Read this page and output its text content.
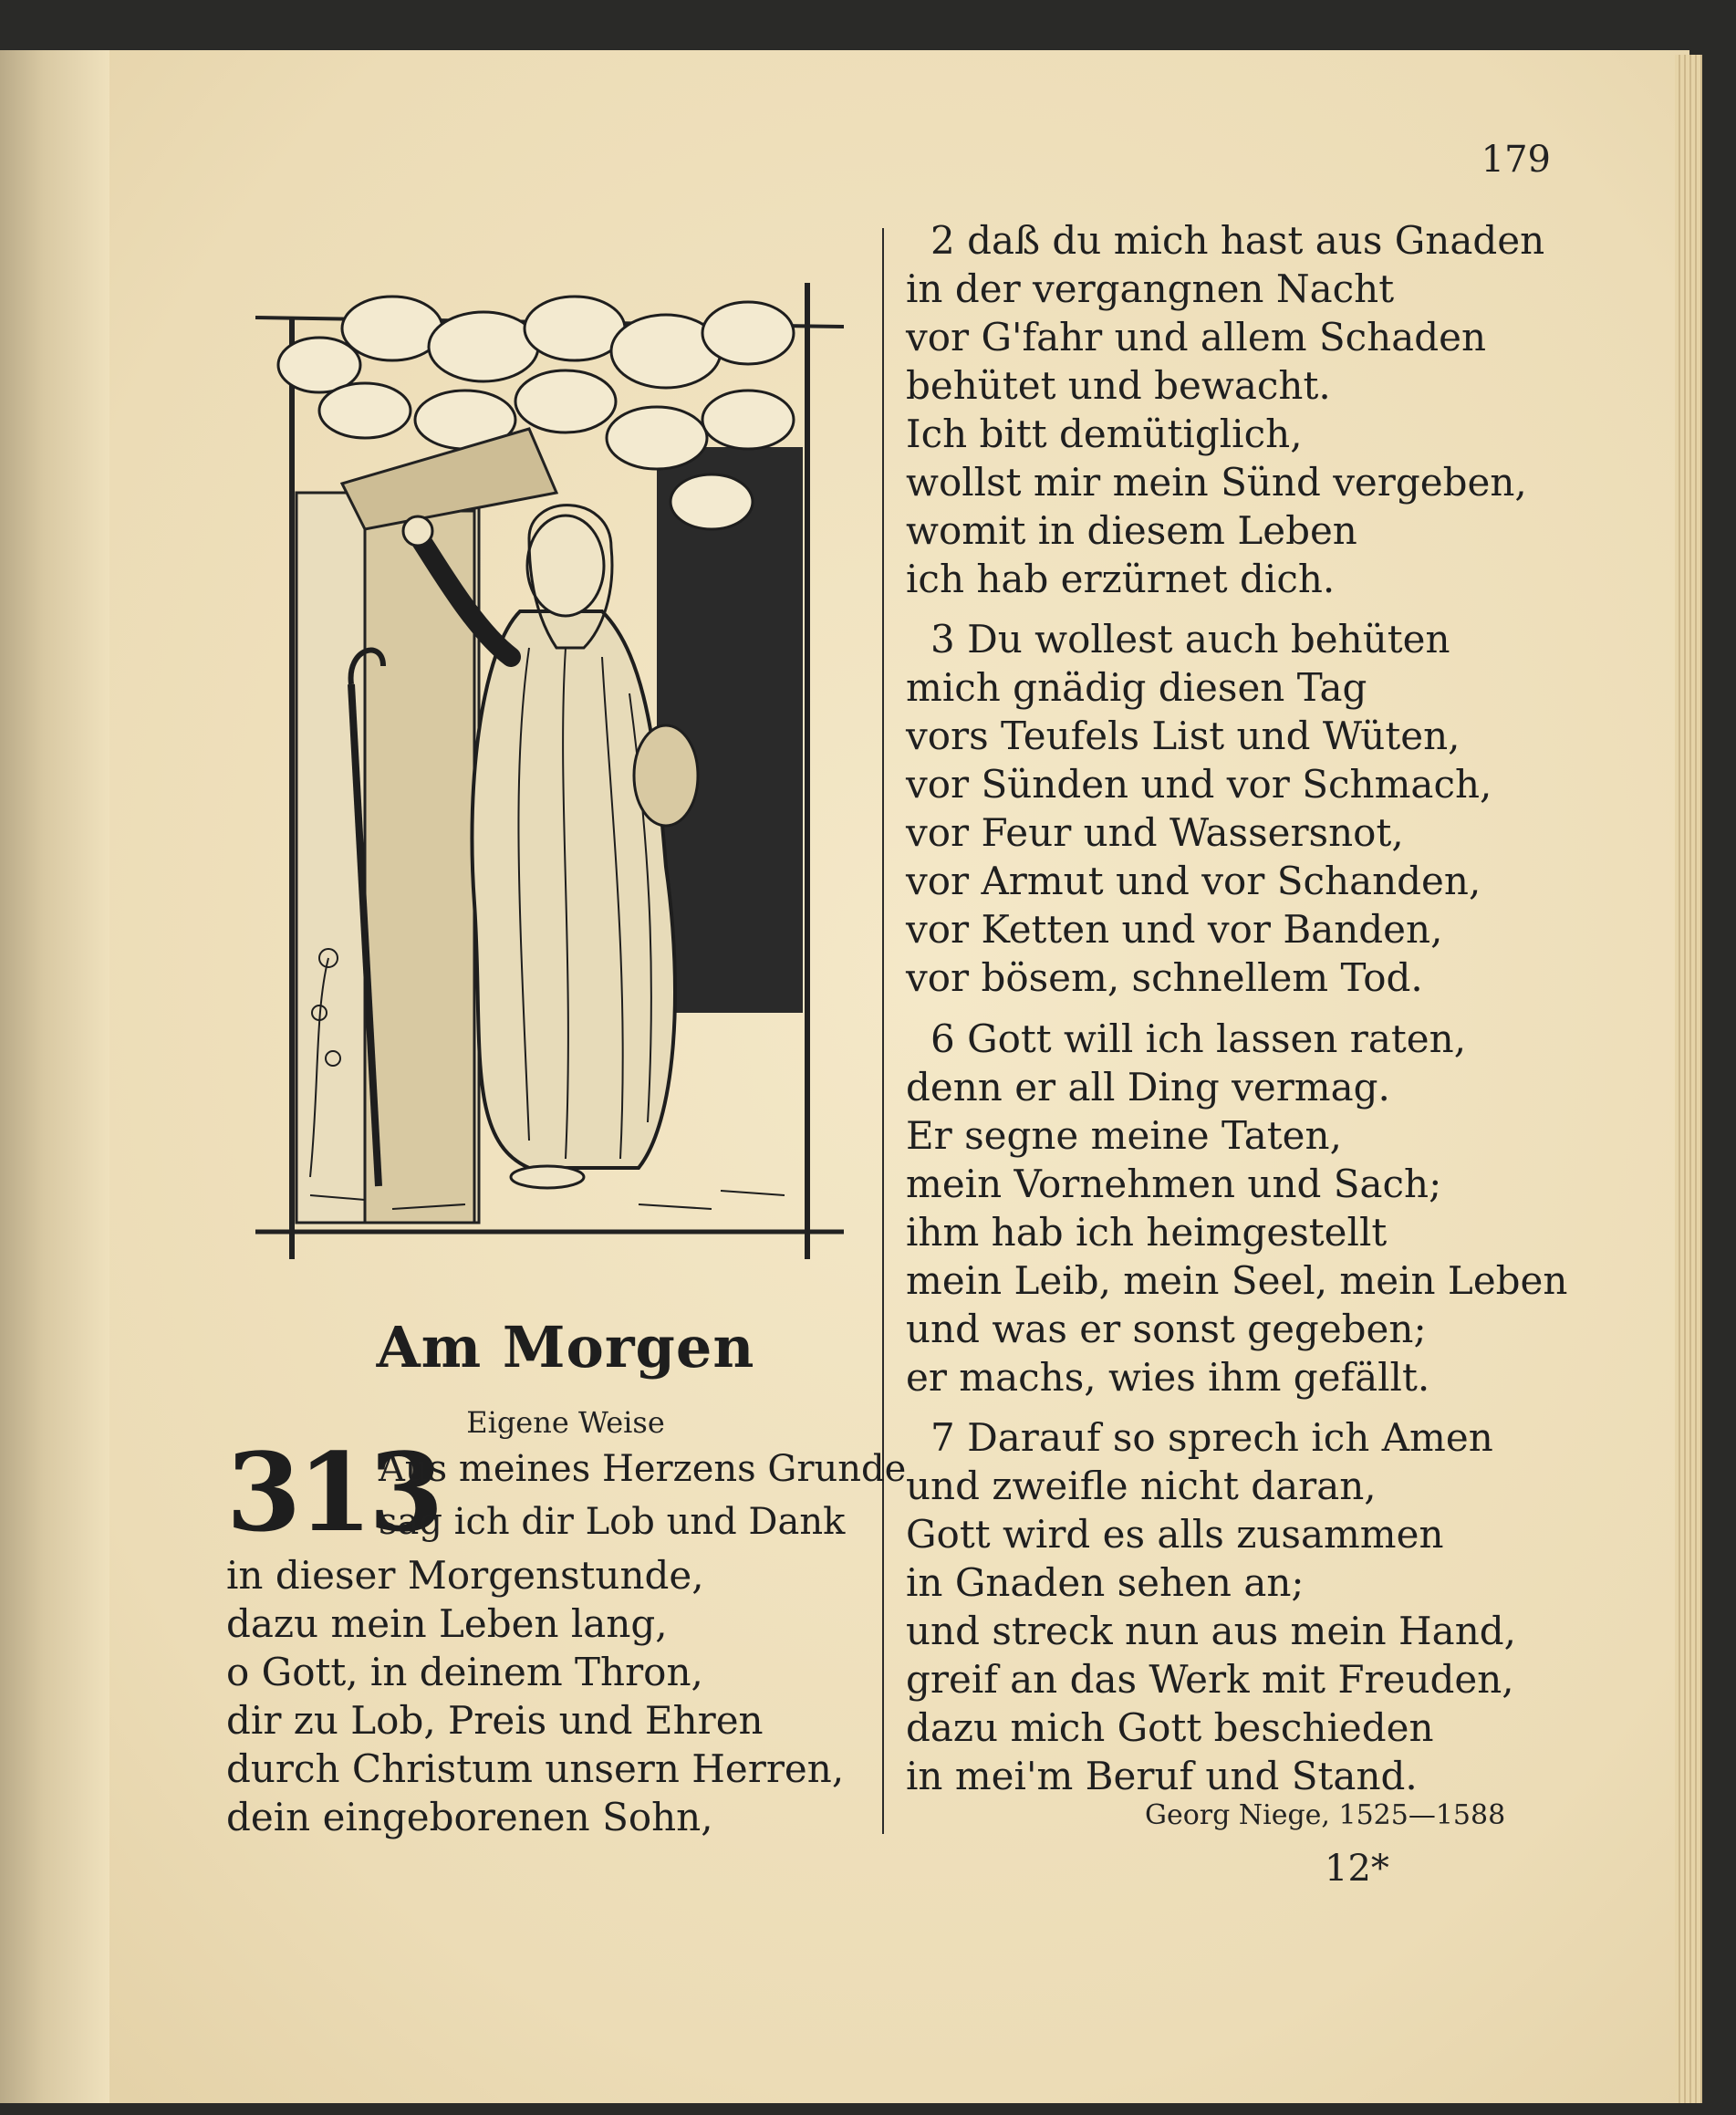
179
Am Morgen
Eigene Weise
313
Aus meines Herzens Grunde
sag ich dir Lob und Dank
in dieser Morgenstunde,
dazu mein Leben lang,
o Gott, in deinem Thron,
dir zu Lob, Preis und Ehren
durch Christum unsern Herren,
dein eingeborenen Sohn,
2 daß du mich hast aus Gnaden
in der vergangnen Nacht
vor G'fahr und allem Schaden
behütet und bewacht.
Ich bitt demütiglich,
wollst mir mein Sünd vergeben,
womit in diesem Leben
ich hab erzürnet dich.
3 Du wollest auch behüten
mich gnädig diesen Tag
vors Teufels List und Wüten,
vor Sünden und vor Schmach,
vor Feur und Wassersnot,
vor Armut und vor Schanden,
vor Ketten und vor Banden,
vor bösem, schnellem Tod.
6 Gott will ich lassen raten,
denn er all Ding vermag.
Er segne meine Taten,
mein Vornehmen und Sach;
ihm hab ich heimgestellt
mein Leib, mein Seel, mein Leben
und was er sonst gegeben;
er machs, wies ihm gefällt.
7 Darauf so sprech ich Amen
und zweifle nicht daran,
Gott wird es alls zusammen
in Gnaden sehen an;
und streck nun aus mein Hand,
greif an das Werk mit Freuden,
dazu mich Gott beschieden
in mei'm Beruf und Stand.
Georg Niege, 1525—1588
12*
